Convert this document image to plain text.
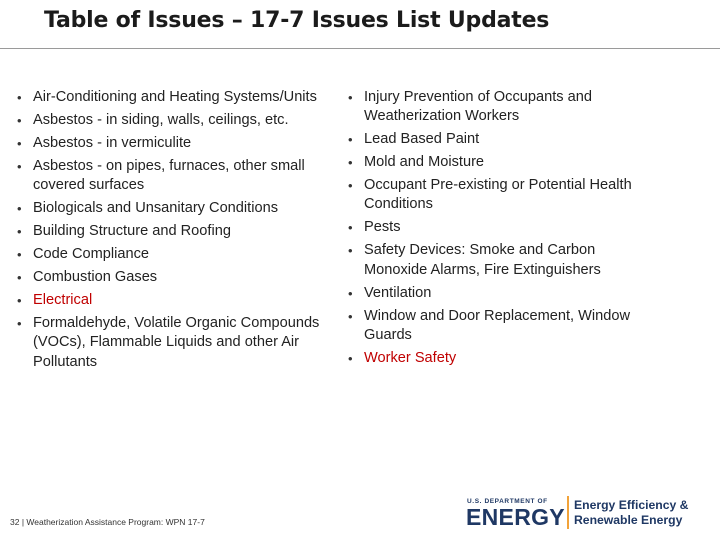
Table of Issues – 17-7 Issues List Updates
• Air-Conditioning and Heating Systems/Units
• Asbestos - in siding, walls, ceilings, etc.
• Asbestos - in vermiculite
• Asbestos - on pipes, furnaces, other small covered surfaces
• Biologicals and Unsanitary Conditions
• Building Structure and Roofing
• Code Compliance
• Combustion Gases
• Electrical
• Formaldehyde, Volatile Organic Compounds (VOCs), Flammable Liquids and other Air Pollutants
• Injury Prevention of Occupants and Weatherization Workers
• Lead Based Paint
• Mold and Moisture
• Occupant Pre-existing or Potential Health Conditions
• Pests
• Safety Devices: Smoke and Carbon Monoxide Alarms, Fire Extinguishers
• Ventilation
• Window and Door Replacement, Window Guards
• Worker Safety
32 | Weatherization Assistance Program: WPN 17-7
U.S. DEPARTMENT OF
ENERGY Energy Efficiency &
Renewable Energy
